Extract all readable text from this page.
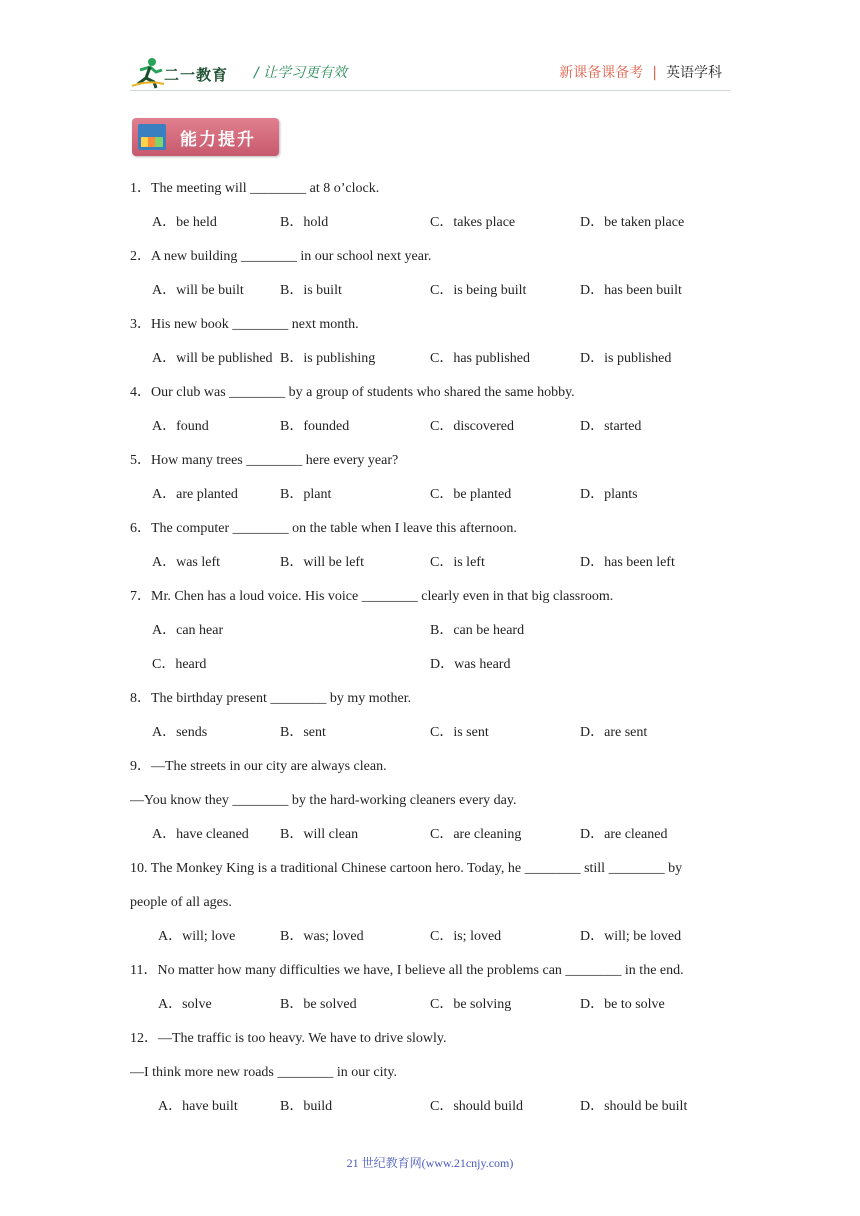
二一教育 / 让学习更有效	新课备课备考 | 英语学科
能力提升
1．The meeting will ________ at 8 o’clock.
A．be held	B．hold	C．takes place	D．be taken place
2．A new building ________ in our school next year.
A．will be built	B．is built	C．is being built	D．has been built
3．His new book ________ next month.
A．will be published B．is publishing	C．has published	D．is published
4．Our club was ________ by a group of students who shared the same hobby.
A．found	B．founded	C．discovered	D．started
5．How many trees ________ here every year?
A．are planted	B．plant	C．be planted	D．plants
6．The computer ________ on the table when I leave this afternoon.
A．was left	B．will be left	C．is left	D．has been left
7．Mr. Chen has a loud voice. His voice ________ clearly even in that big classroom.
A．can hear	B．can be heard
C．heard	D．was heard
8．The birthday present ________ by my mother.
A．sends	B．sent	C．is sent	D．are sent
9．—The streets in our city are always clean.
—You know they ________ by the hard-working cleaners every day.
A．have cleaned B．will clean	C．are cleaning	D．are cleaned
10. The Monkey King is a traditional Chinese cartoon hero. Today, he ________ still ________ by
people of all ages.
A．will; love	B．was; loved	C．is; loved	D．will; be loved
11．No matter how many difficulties we have, I believe all the problems can ________ in the end.
A．solve	B．be solved	C．be solving	D．be to solve
12．—The traffic is too heavy. We have to drive slowly.
—I think more new roads ________ in our city.
A．have built	B．build	C．should build	D．should be built
21 世纪教育网(www.21cnjy.com)
